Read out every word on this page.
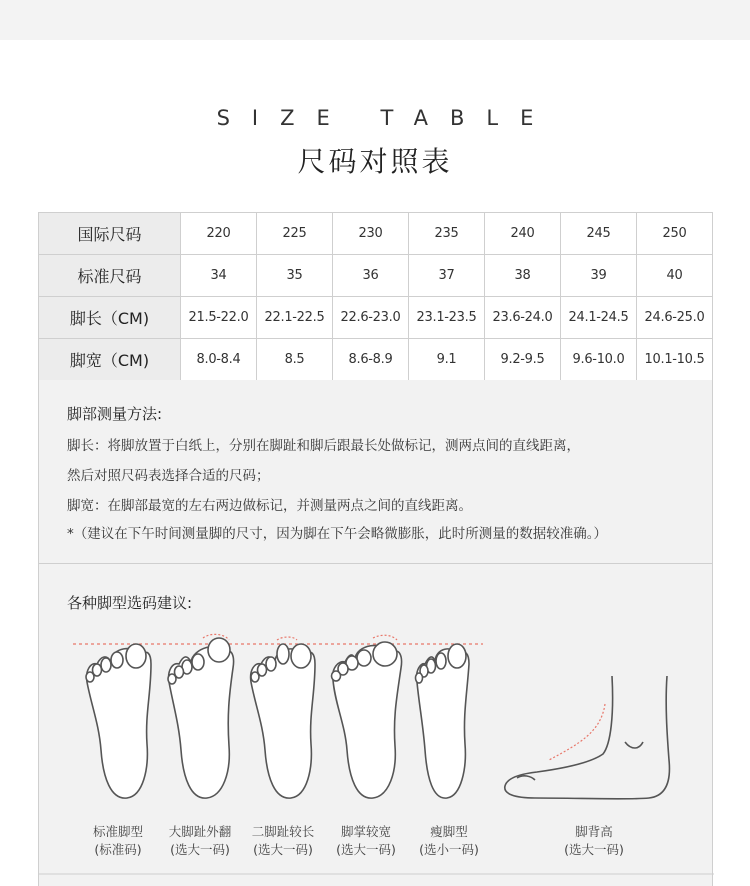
SIZE TABLE
尺码对照表
国际尺码	220	225	230	235	240	245	250
标准尺码	34	35	36	37	38	39	40
脚长（CM)	21.5-22.0	22.1-22.5	22.6-23.0	23.1-23.5	23.6-24.0	24.1-24.5	24.6-25.0
脚宽（CM)	8.0-8.4	8.5	8.6-8.9	9.1	9.2-9.5	9.6-10.0	10.1-10.5
脚部测量方法:
脚长：将脚放置于白纸上，分别在脚趾和脚后跟最长处做标记，测两点间的直线距离，
然后对照尺码表选择合适的尺码；
脚宽：在脚部最宽的左右两边做标记，并测量两点之间的直线距离。
*（建议在下午时间测量脚的尺寸，因为脚在下午会略微膨胀，此时所测量的数据较准确。）
各种脚型选码建议:
标准脚型
(标准码)
大脚趾外翻
(选大一码)
二脚趾较长
(选大一码)
脚掌较宽
(选大一码)
瘦脚型
(选小一码)
脚背高
(选大一码)
